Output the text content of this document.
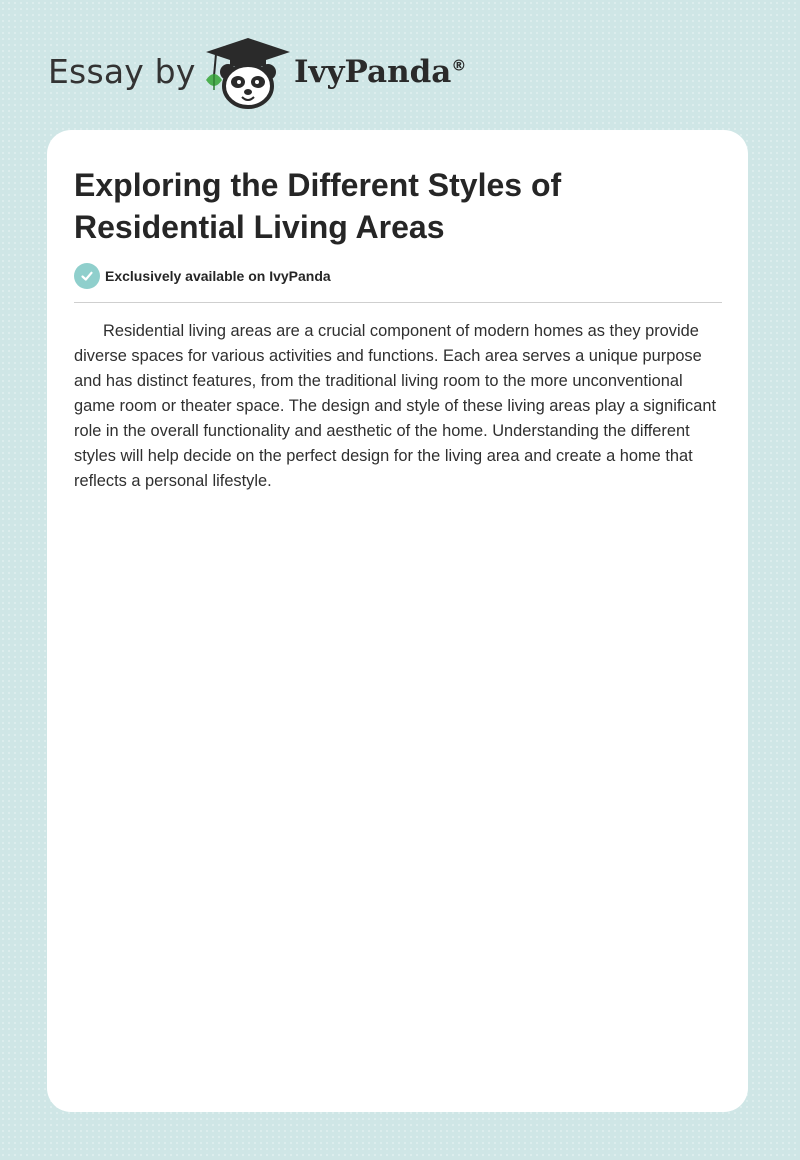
Essay by	IvyPanda®
Exploring the Different Styles of Residential Living Areas
Exclusively available on IvyPanda

Residential living areas are a crucial component of modern homes as they provide diverse spaces for various activities and functions. Each area serves a unique purpose and has distinct features, from the traditional living room to the more unconventional game room or theater space. The design and style of these living areas play a significant role in the overall functionality and aesthetic of the home. Understanding the different styles will help decide on the perfect design for the living area and create a home that reflects a personal lifestyle.
